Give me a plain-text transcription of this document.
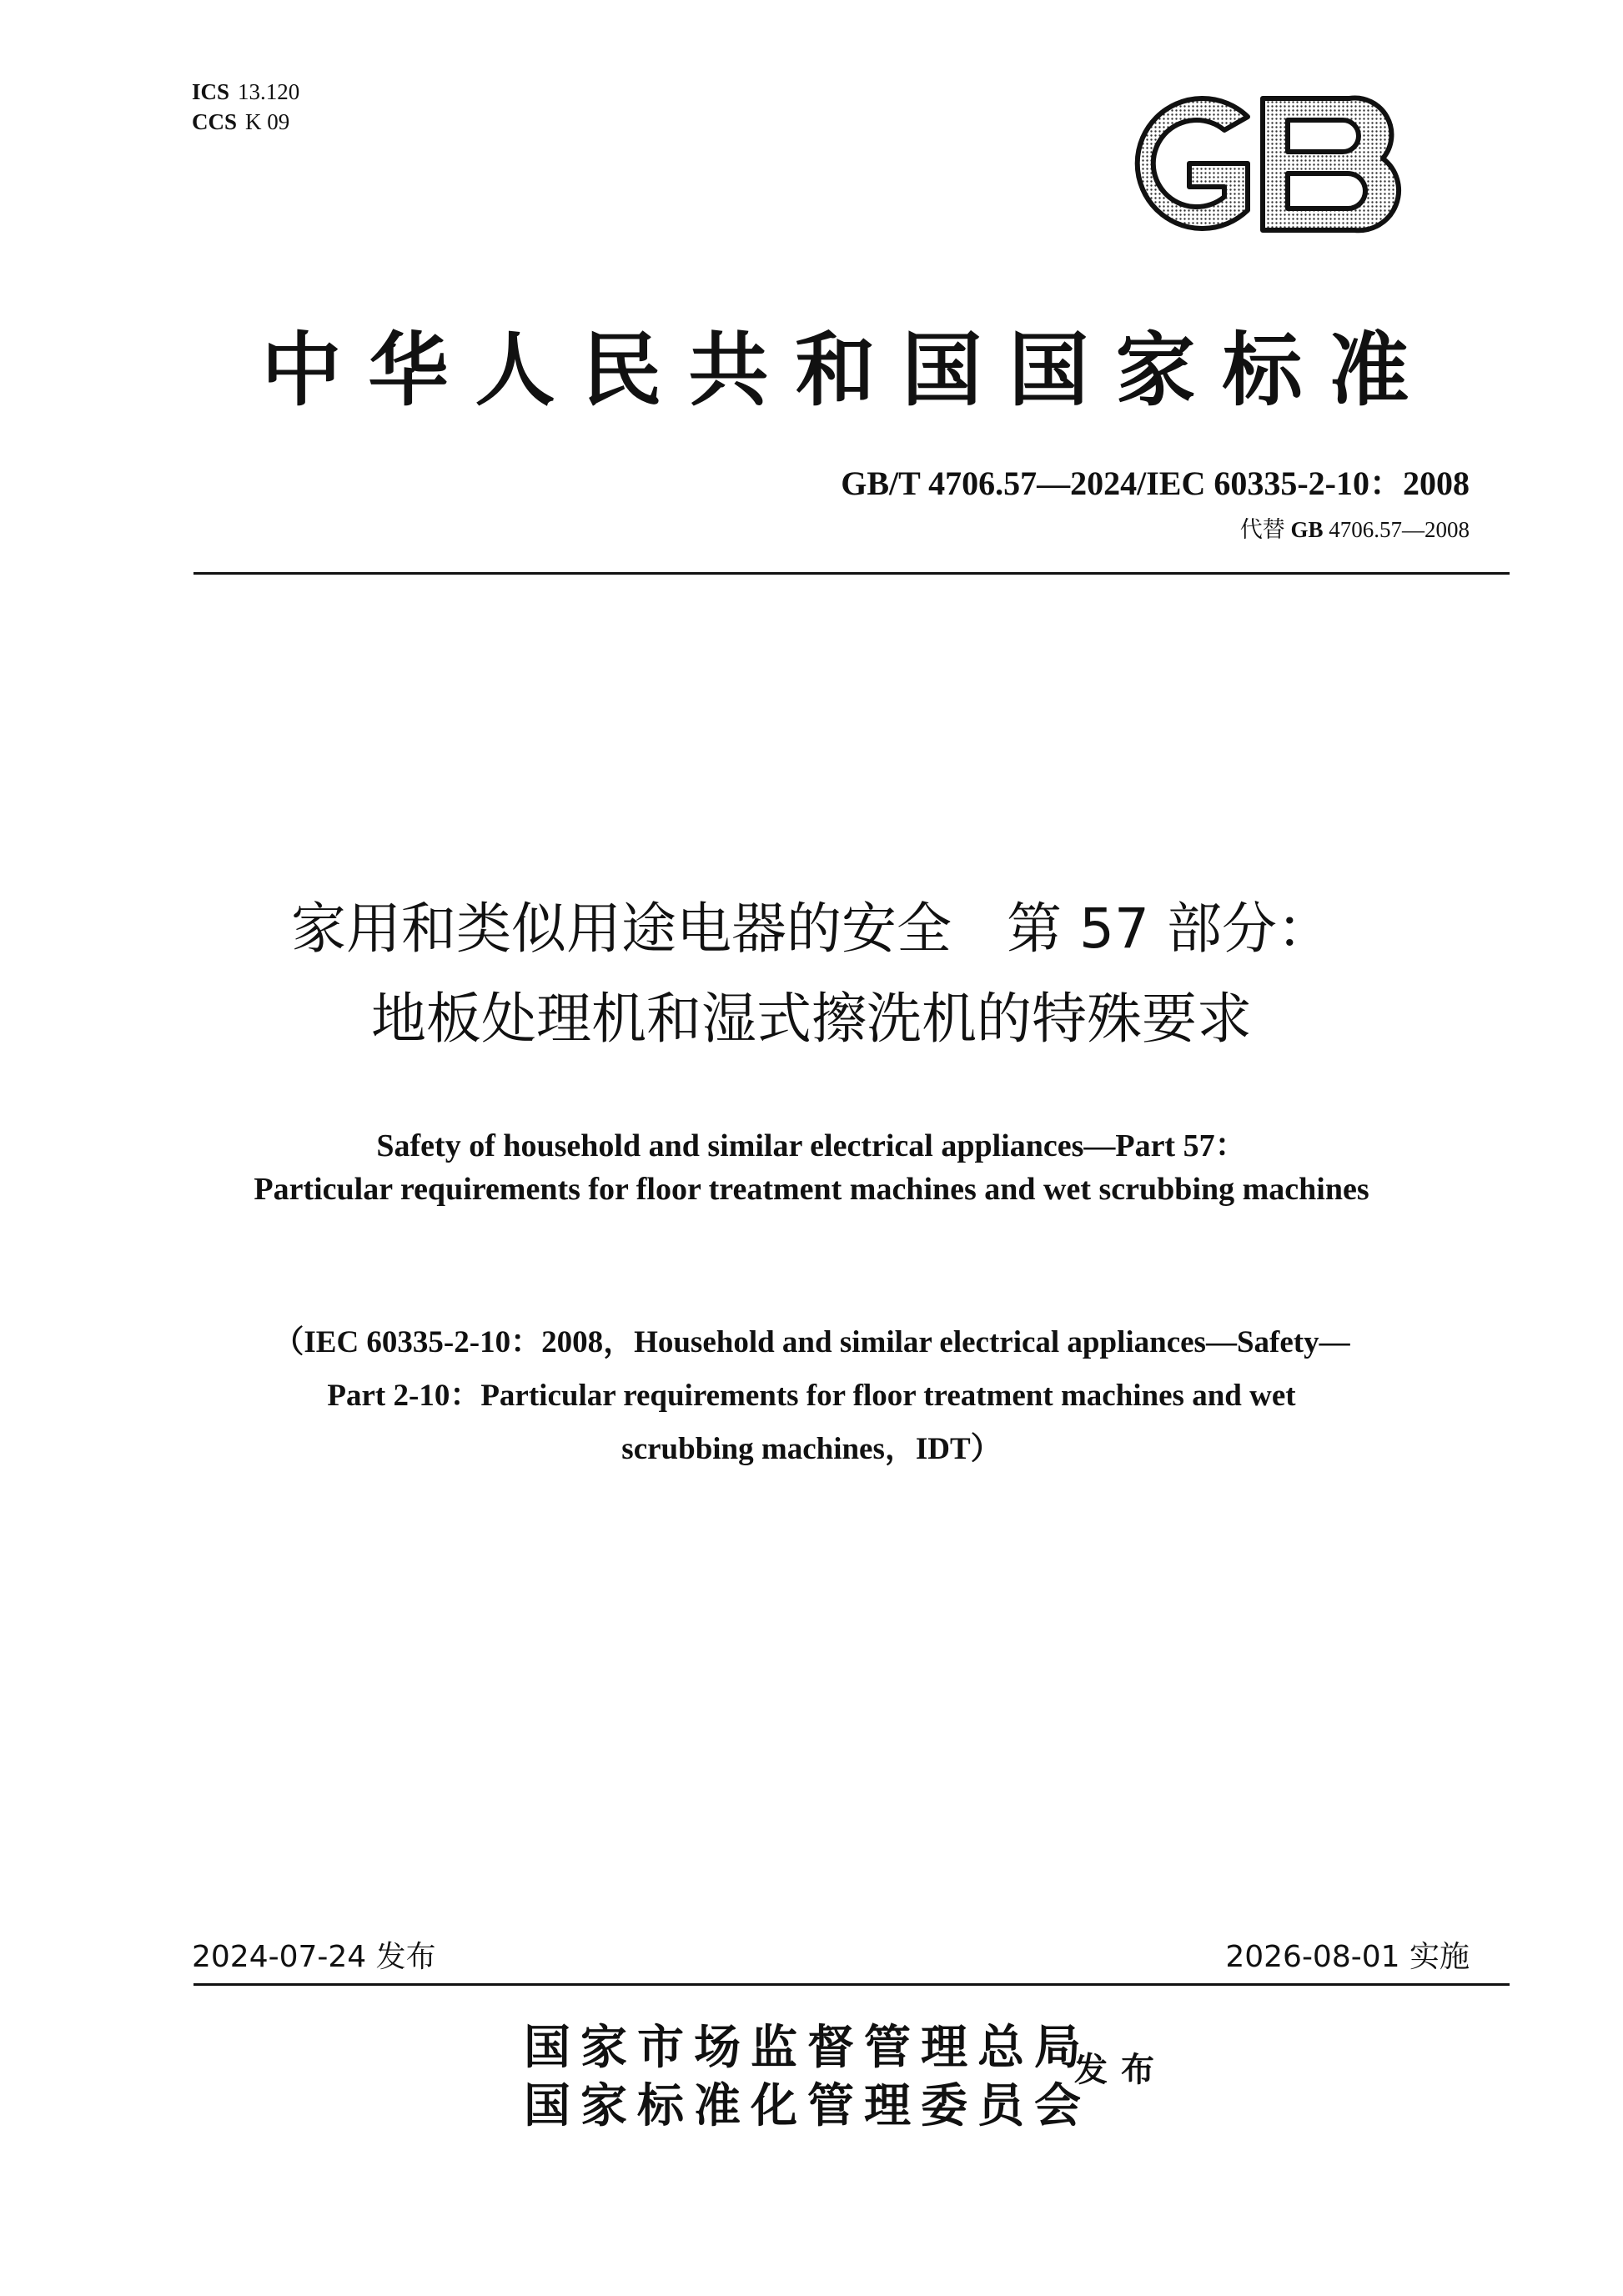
ICS 13.120
CCS K 09
中华人民共和国国家标准
GB/T 4706.57—2024/IEC 60335-2-10：2008
代替 GB 4706.57—2008
家用和类似用途电器的安全　第 57 部分：
地板处理机和湿式擦洗机的特殊要求
Safety of household and similar electrical appliances—Part 57：
Particular requirements for floor treatment machines and wet scrubbing machines
（IEC 60335-2-10：2008，Household and similar electrical appliances—Safety—
Part 2-10：Particular requirements for floor treatment machines and wet
scrubbing machines，IDT）
2024-07-24 发布	2026-08-01 实施
国家市场监督管理总局
国家标准化管理委员会
发布
